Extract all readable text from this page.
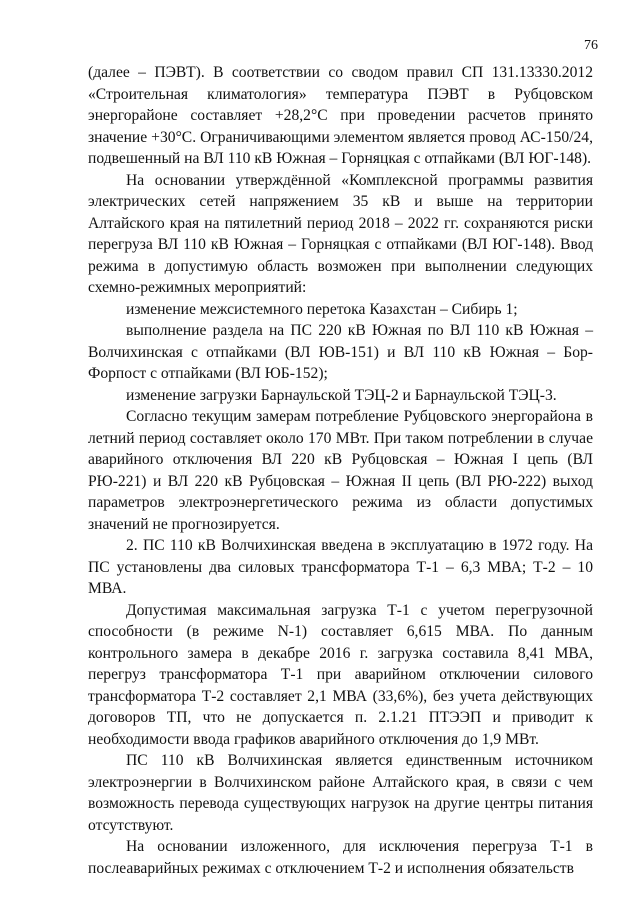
76

(далее – ПЭВТ). В соответствии со сводом правил СП 131.13330.2012 «Строительная климатология» температура ПЭВТ в Рубцовском энергорайоне составляет +28,2°С при проведении расчетов принято значение +30°С. Ограничивающими элементом является провод АС-150/24, подвешенный на ВЛ 110 кВ Южная – Горняцкая с отпайками (ВЛ ЮГ-148).

На основании утверждённой «Комплексной программы развития электрических сетей напряжением 35 кВ и выше на территории Алтайского края на пятилетний период 2018 – 2022 гг. сохраняются риски перегруза ВЛ 110 кВ Южная – Горняцкая с отпайками (ВЛ ЮГ-148). Ввод режима в допустимую область возможен при выполнении следующих схемно-режимных мероприятий:

изменение межсистемного перетока Казахстан – Сибирь 1;

выполнение раздела на ПС 220 кВ Южная по ВЛ 110 кВ Южная – Волчихинская с отпайками (ВЛ ЮВ-151) и ВЛ 110 кВ Южная – Бор-Форпост с отпайками (ВЛ ЮБ-152);

изменение загрузки Барнаульской ТЭЦ-2 и Барнаульской ТЭЦ-3.

Согласно текущим замерам потребление Рубцовского энергорайона в летний период составляет около 170 МВт. При таком потреблении в случае аварийного отключения ВЛ 220 кВ Рубцовская – Южная I цепь (ВЛ РЮ-221) и ВЛ 220 кВ Рубцовская – Южная II цепь (ВЛ РЮ-222) выход параметров электроэнергетического режима из области допустимых значений не прогнозируется.

2. ПС 110 кВ Волчихинская введена в эксплуатацию в 1972 году. На ПС установлены два силовых трансформатора Т-1 – 6,3 МВА; Т-2 – 10 МВА.

Допустимая максимальная загрузка Т-1 с учетом перегрузочной способности (в режиме N-1) составляет 6,615 МВА. По данным контрольного замера в декабре 2016 г. загрузка составила 8,41 МВА, перегруз трансформатора Т-1 при аварийном отключении силового трансформатора Т-2 составляет 2,1 МВА (33,6%), без учета действующих договоров ТП, что не допускается п. 2.1.21 ПТЭЭП и приводит к необходимости ввода графиков аварийного отключения до 1,9 МВт.

ПС 110 кВ Волчихинская является единственным источником электроэнергии в Волчихинском районе Алтайского края, в связи с чем возможность перевода существующих нагрузок на другие центры питания отсутствуют.

На основании изложенного, для исключения перегруза Т-1 в послеаварийных режимах с отключением Т-2 и исполнения обязательств
